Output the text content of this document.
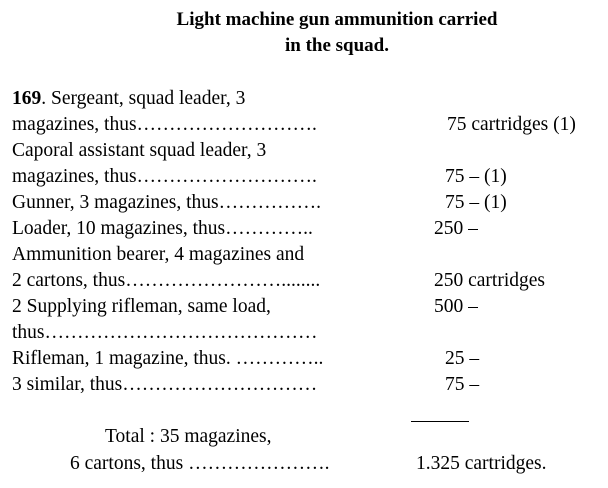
Light machine gun ammunition carried
in the squad.
169. Sergeant, squad leader, 3
magazines, thus……………………….	75 cartridges (1)
Caporal assistant squad leader, 3
magazines, thus……………………….	75 – (1)
Gunner, 3 magazines, thus…………….	75 – (1)
Loader, 10 magazines, thus…………..	250 –
Ammunition bearer, 4 magazines and
2 cartons, thus……………………........	250 cartridges
2 Supplying rifleman, same load,	500 –
thus……………………………………
Rifleman, 1 magazine, thus. …………..	25 –
3 similar, thus…………………………	75 –
Total : 35 magazines,
6 cartons, thus ………………….	1.325 cartridges.
